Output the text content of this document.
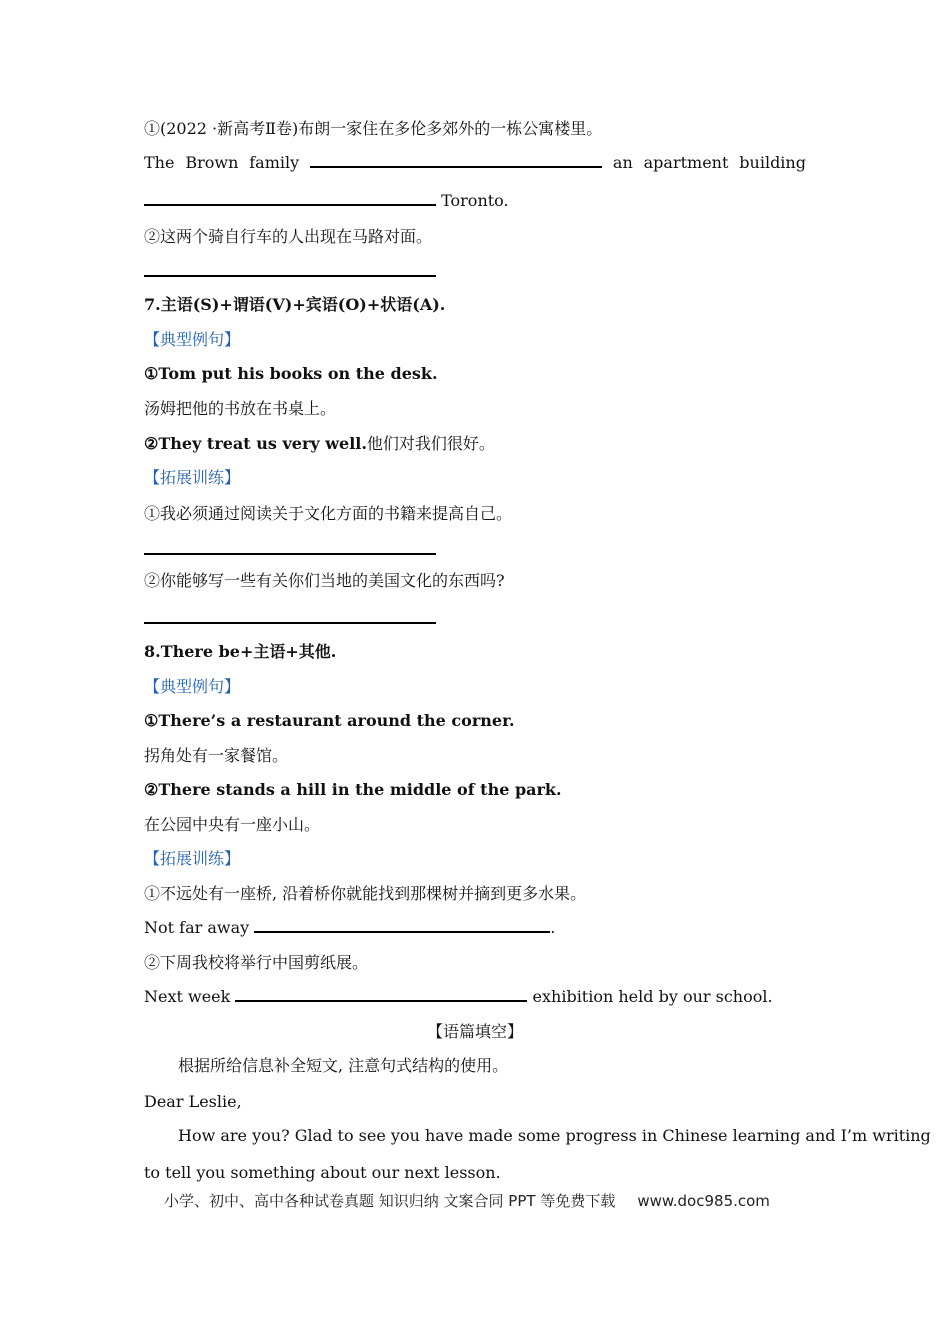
①(2022 ·新高考Ⅱ卷)布朗一家住在多伦多郊外的一栋公寓楼里。
The Brown family	an apartment building
Toronto.
②这两个骑自行车的人出现在马路对面。
7.主语(S)+谓语(V)+宾语(O)+状语(A).
【典型例句】
①Tom put his books on the desk.
汤姆把他的书放在书桌上。
②They treat us very well.他们对我们很好。
【拓展训练】
①我必须通过阅读关于文化方面的书籍来提高自己。
②你能够写一些有关你们当地的美国文化的东西吗?
8.There be+主语+其他.
【典型例句】
①There’s a restaurant around the corner.
拐角处有一家餐馆。
②There stands a hill in the middle of the park.
在公园中央有一座小山。
【拓展训练】
①不远处有一座桥, 沿着桥你就能找到那棵树并摘到更多水果。
Not far away	.
②下周我校将举行中国剪纸展。
Next week	exhibition held by our school.
【语篇填空】
根据所给信息补全短文, 注意句式结构的使用。
Dear Leslie,
How are you? Glad to see you have made some progress in Chinese learning and I’m writing
to tell you something about our next lesson.
小学、初中、高中各种试卷真题 知识归纳 文案合同 PPT 等免费下载 www.doc985.com
